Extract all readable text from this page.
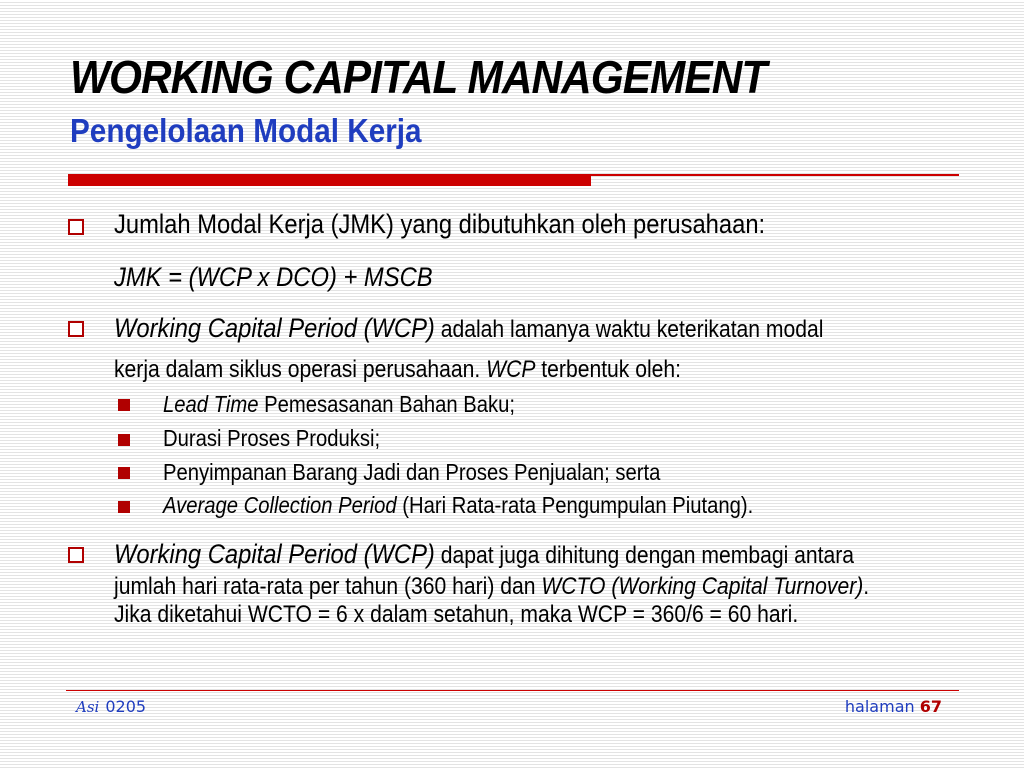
WORKING CAPITAL MANAGEMENT
Pengelolaan Modal Kerja
Jumlah Modal Kerja (JMK) yang dibutuhkan oleh perusahaan:
JMK = (WCP x DCO) + MSCB
Working Capital Period (WCP) adalah lamanya waktu keterikatan modal
kerja dalam siklus operasi perusahaan. WCP terbentuk oleh:
Lead Time Pemesasanan Bahan Baku;
Durasi Proses Produksi;
Penyimpanan Barang Jadi dan Proses Penjualan; serta
Average Collection Period (Hari Rata-rata Pengumpulan Piutang).
Working Capital Period (WCP) dapat juga dihitung dengan membagi antara
jumlah hari rata-rata per tahun (360 hari) dan WCTO (Working Capital Turnover).
Jika diketahui WCTO = 6 x dalam setahun, maka WCP = 360/6 = 60 hari.
Asi 0205	halaman 67
